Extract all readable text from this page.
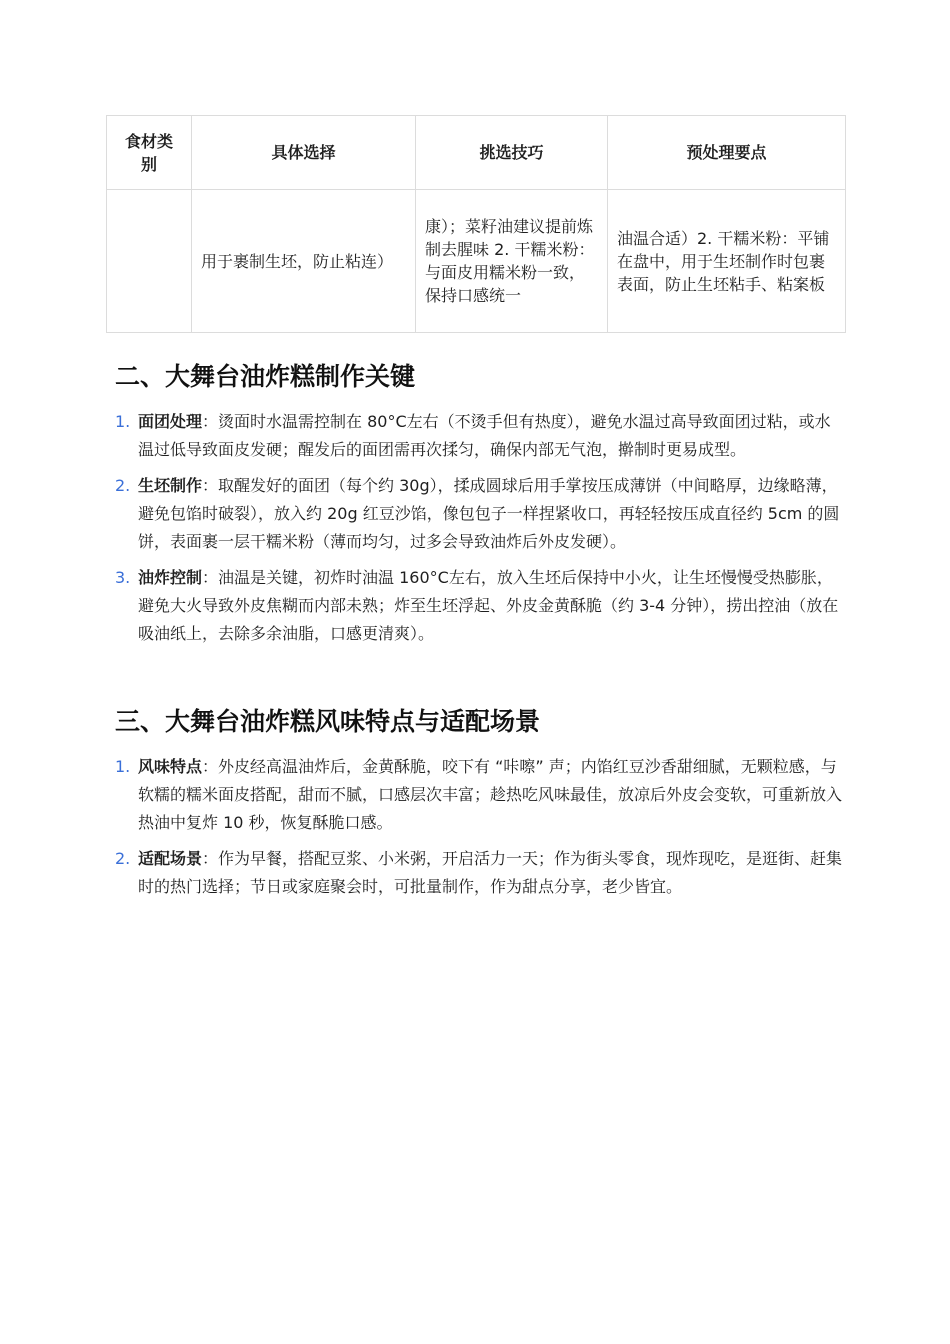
食材类别	具体选择	挑选技巧	预处理要点
	用于裹制生坯，防止粘连）	康）；菜籽油建议提前炼制去腥味 2. 干糯米粉：与面皮用糯米粉一致，保持口感统一	油温合适）2. 干糯米粉：平铺在盘中，用于生坯制作时包裹表面，防止生坯粘手、粘案板
二、大舞台油炸糕制作关键
1. 面团处理：烫面时水温需控制在 80°C左右（不烫手但有热度），避免水温过高导致面团过粘，或水温过低导致面皮发硬；醒发后的面团需再次揉匀，确保内部无气泡，擀制时更易成型。
2. 生坯制作：取醒发好的面团（每个约 30g），揉成圆球后用手掌按压成薄饼（中间略厚，边缘略薄，避免包馅时破裂），放入约 20g 红豆沙馅，像包包子一样捏紧收口，再轻轻按压成直径约 5cm 的圆饼，表面裹一层干糯米粉（薄而均匀，过多会导致油炸后外皮发硬）。
3. 油炸控制：油温是关键，初炸时油温 160°C左右，放入生坯后保持中小火，让生坯慢慢受热膨胀，避免大火导致外皮焦糊而内部未熟；炸至生坯浮起、外皮金黄酥脆（约 3-4 分钟），捞出控油（放在吸油纸上，去除多余油脂，口感更清爽）。
三、大舞台油炸糕风味特点与适配场景
1. 风味特点：外皮经高温油炸后，金黄酥脆，咬下有 “咔嚓” 声；内馅红豆沙香甜细腻，无颗粒感，与软糯的糯米面皮搭配，甜而不腻，口感层次丰富；趁热吃风味最佳，放凉后外皮会变软，可重新放入热油中复炸 10 秒，恢复酥脆口感。
2. 适配场景：作为早餐，搭配豆浆、小米粥，开启活力一天；作为街头零食，现炸现吃，是逛街、赶集时的热门选择；节日或家庭聚会时，可批量制作，作为甜点分享，老少皆宜。
